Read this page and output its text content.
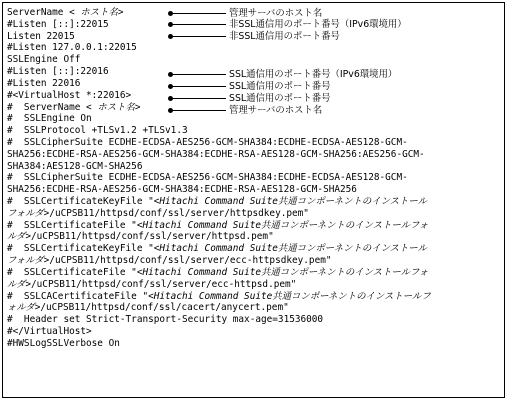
ServerName < ホスト名>
#Listen [::]:22015
Listen 22015
#Listen 127.0.0.1:22015
SSLEngine Off
#Listen [::]:22016
#Listen 22016
#<VirtualHost *:22016>
#  ServerName < ホスト名>
#  SSLEngine On
#  SSLProtocol +TLSv1.2 +TLSv1.3
#  SSLCipherSuite ECDHE-ECDSA-AES256-GCM-SHA384:ECDHE-ECDSA-AES128-GCM-
SHA256:ECDHE-RSA-AES256-GCM-SHA384:ECDHE-RSA-AES128-GCM-SHA256:AES256-GCM-
SHA384:AES128-GCM-SHA256
#  SSLCipherSuite ECDHE-ECDSA-AES256-GCM-SHA384:ECDHE-ECDSA-AES128-GCM-
SHA256:ECDHE-RSA-AES256-GCM-SHA384:ECDHE-RSA-AES128-GCM-SHA256
#  SSLCertificateKeyFile "<Hitachi Command Suite共通コンポーネントのインストール
フォルダ>/uCPSB11/httpsd/conf/ssl/server/httpsdkey.pem"
#  SSLCertificateFile "<Hitachi Command Suite共通コンポーネントのインストールフォ
ルダ>/uCPSB11/httpsd/conf/ssl/server/httpsd.pem"
#  SSLCertificateKeyFile "<Hitachi Command Suite共通コンポーネントのインストール
フォルダ>/uCPSB11/httpsd/conf/ssl/server/ecc-httpsdkey.pem"
#  SSLCertificateFile "<Hitachi Command Suite共通コンポーネントのインストールフォ
ルダ>/uCPSB11/httpsd/conf/ssl/server/ecc-httpsd.pem"
#  SSLCACertificateFile "<Hitachi Command Suite共通コンポーネントのインストールフ
ォルダ>/uCPSB11/httpsd/conf/ssl/cacert/anycert.pem"
#  Header set Strict-Transport-Security max-age=31536000
#</VirtualHost>
#HWSLogSSLVerbose On
管理サーバのホスト名
非SSL通信用のポート番号（IPv6環境用）
非SSL通信用のポート番号
SSL通信用のポート番号（IPv6環境用）
SSL通信用のポート番号
SSL通信用のポート番号
管理サーバのホスト名
